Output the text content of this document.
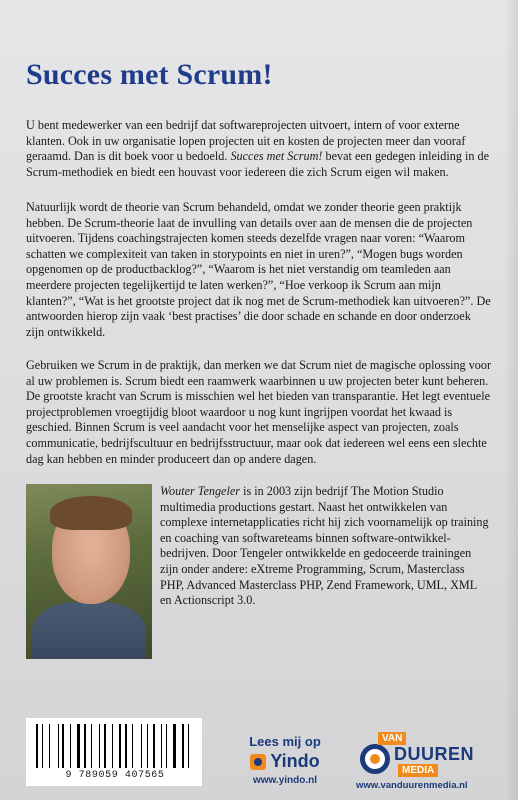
Succes met Scrum!

U bent medewerker van een bedrijf dat softwareprojecten uitvoert, intern of voor externe klanten. Ook in uw organisatie lopen projecten uit en kosten de projecten meer dan vooraf geraamd. Dan is dit boek voor u bedoeld. Succes met Scrum! bevat een gedegen inleiding in de Scrum-methodiek en biedt een houvast voor iedereen die zich Scrum eigen wil maken.

Natuurlijk wordt de theorie van Scrum behandeld, omdat we zonder theorie geen praktijk hebben. De Scrum-theorie laat de invulling van details over aan de mensen die de projecten uitvoeren. Tijdens coachingstrajecten komen steeds dezelfde vragen naar voren: “Waarom schatten we complexiteit van taken in storypoints en niet in uren?”, “Mogen bugs worden opgenomen op de productbacklog?”, “Waarom is het niet verstandig om teamleden aan meerdere projecten tegelijkertijd te laten werken?”, “Hoe verkoop ik Scrum aan mijn klanten?”, “Wat is het grootste project dat ik nog met de Scrum-methodiek kan uitvoeren?”. De antwoorden hierop zijn vaak ‘best practises’ die door schade en schande en door onderzoek zijn ontwikkeld.

Gebruiken we Scrum in de praktijk, dan merken we dat Scrum niet de magische oplossing voor al uw problemen is. Scrum biedt een raamwerk waarbinnen u uw projecten beter kunt beheren. De grootste kracht van Scrum is misschien wel het bieden van transparantie. Het legt eventuele projectproblemen vroegtijdig bloot waardoor u nog kunt ingrijpen voordat het kwaad is geschied. Binnen Scrum is veel aandacht voor het menselijke aspect van projecten, zoals communicatie, bedrijfscultuur en bedrijfsstructuur, maar ook dat iedereen wel eens een slechte dag kan hebben en minder produceert dan op andere dagen.

Wouter Tengeler is in 2003 zijn bedrijf The Motion Studio multimedia productions gestart. Naast het ontwikkelen van complexe internetapplicaties richt hij zich voornamelijk op training en coaching van softwareteams binnen software-ontwikkel-bedrijven. Door Tengeler ontwikkelde en gedoceerde trainingen zijn onder andere: eXtreme Programming, Scrum, Masterclass PHP, Advanced Masterclass PHP, Zend Framework, UML, XML en Actionscript 3.0.

9 789059 407565

Lees mij op
Yindo
www.yindo.nl
VAN
DUUREN
MEDIA
www.vanduurenmedia.nl
